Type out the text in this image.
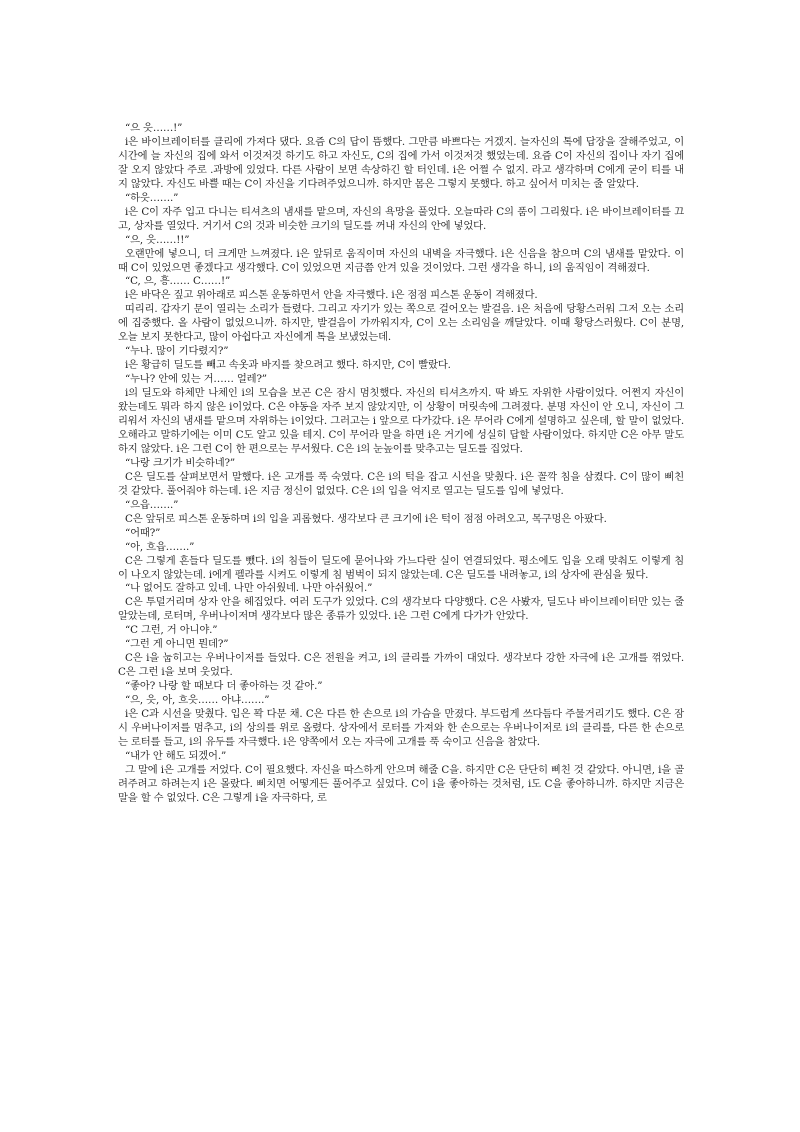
“으 읏……!”

i은 바이브레이터를 클리에 가져다 댔다. 요즘 C의 답이 뜸했다. 그만큼 바쁘다는 거겠지. 늘자신의 톡에 답장을 잘해주었고, 이 시간에 늘 자신의 집에 와서 이것저것 하기도 하고 자신도, C의 집에 가서 이것저것 했었는데. 요즘 C이 자신의 집이나 자기 집에 잘 오지 않았다 주로 .과방에 있었다. 다른 사람이 보면 속상하긴 할 터인데. i은 어쩔 수 없지. 라고 생각하며 C에게 굳이 티를 내지 않았다. 자신도 바쁠 때는 C이 자신을 기다려주었으니까. 하지만 몸은 그렇지 못했다. 하고 싶어서 미치는 줄 알았다.

“하읏…….”

i은 C이 자주 입고 다니는 티셔츠의 냄새를 맡으며, 자신의 욕망을 풀었다. 오늘따라 C의 품이 그리웠다. i은 바이브레이터를 끄고, 상자를 열었다. 거기서 C의 것과 비슷한 크기의 딜도를 꺼내 자신의 안에 넣었다.

“으, 읏……!!”

오랜만에 넣으니, 더 크게만 느껴졌다. i은 앞뒤로 움직이며 자신의 내벽을 자극했다. i은 신음을 참으며 C의 냄새를 맡았다. 이때 C이 있었으면 좋겠다고 생각했다. C이 있었으면 지금쯤 안겨 있을 것이었다. 그런 생각을 하니, i의 움직임이 격해졌다.

“C, 으, 흥…… C……!”

i은 바닥은 짚고 위아래로 피스톤 운동하면서 안을 자극했다. i은 점점 피스톤 운동이 격해졌다.

띠리리. 갑자기 문이 열리는 소리가 들렸다. 그리고 자기가 있는 쪽으로 걸어오는 발걸음. i은 처음에 당황스러워 그저 오는 소리에 집중했다. 올 사람이 없었으니까. 하지만, 발걸음이 가까워지자, C이 오는 소리임을 깨달았다. 이때 황당스러웠다. C이 분명, 오늘 보지 못한다고, 많이 아쉽다고 자신에게 톡을 보냈었는데.

“누나. 많이 기다렸지?”

i은 황급히 딜도를 빼고 속옷과 바지를 찾으려고 했다. 하지만, C이 빨랐다.

“누나? 안에 있는 거…… 얼레?”

i의 딜도와 하체만 나체인 i의 모습을 보곤 C은 잠시 멈칫했다. 자신의 티셔츠까지. 딱 봐도 자위한 사람이었다. 어쩐지 자신이 왔는데도 뭐라 하지 않은 i이었다. C은 야동을 자주 보지 않았지만, 이 상황이 머릿속에 그려졌다. 분명 자신이 안 오니, 자신이 그리워서 자신의 냄새를 맡으며 자위하는 i이었다. 그러고는 i 앞으로 다가갔다. i은 무어라 C에게 설명하고 싶은데, 할 말이 없었다. 오해라고 말하기에는 이미 C도 알고 있을 테지. C이 무어라 말을 하면 i은 거기에 성실히 답할 사람이었다. 하지만 C은 아무 말도 하지 않았다. i은 그런 C이 한 편으로는 무서웠다. C은 i의 눈높이를 맞추고는 딜도를 집었다.

“나랑 크기가 비슷하네?”

C은 딜도를 살펴보면서 말했다. i은 고개를 푹 숙였다. C은 i의 턱을 잡고 시선을 맞췄다. i은 꼴깍 침을 삼켰다. C이 많이 삐친 것 같았다. 풀어줘야 하는데. i은 지금 정신이 없었다. C은 i의 입을 억지로 열고는 딜도를 입에 넣었다.

“으읍…….”

C은 앞뒤로 피스톤 운동하며 i의 입을 괴롭혔다. 생각보다 큰 크기에 i은 턱이 점점 아려오고, 목구멍은 아팠다.

“어때?”

“아, 흐읍…….”

C은 그렇게 흔들다 딜도를 뺐다. i의 침들이 딜도에 묻어나와 가느다란 실이 연결되었다. 평소에도 입을 오래 맞춰도 이렇게 침이 나오지 않았는데. i에게 펠라를 시켜도 이렇게 침 범벅이 되지 않았는데. C은 딜도를 내려놓고, i의 상자에 관심을 뒀다.

“나 없어도 잘하고 있네. 나만 아쉬웠네. 나만 아쉬웠어.”

C은 투덜거리며 상자 안을 헤집었다. 여러 도구가 있었다. C의 생각보다 다양했다. C은 사봤자, 딜도나 바이브레이터만 있는 줄 알았는데, 로터며, 우버나이저며 생각보다 많은 종류가 있었다. i은 그런 C에게 다가가 안았다.

“C 그런, 거 아니야.”

“그런 게 아니면 뭔데?”

C은 i을 눕히고는 우버나이저를 들었다. C은 전원을 켜고, i의 클리를 가까이 대었다. 생각보다 강한 자극에 i은 고개를 꺾었다. C은 그런 i을 보며 웃었다.

“좋아? 나랑 할 때보다 더 좋아하는 것 같아.”

“으, 읏, 아, 흐읏…… 아냐…….”

i은 C과 시선을 맞췄다. 입은 꽉 다문 채. C은 다른 한 손으로 i의 가슴을 만졌다. 부드럽게 쓰다듬다 주물거리기도 했다. C은 잠시 우버나이저를 멈추고, i의 상의를 위로 올렸다. 상자에서 로터를 가져와 한 손으로는 우버나이저로 i의 클리를, 다른 한 손으로는 로터를 들고, i의 유두를 자극했다. i은 양쪽에서 오는 자극에 고개를 푹 숙이고 신음을 참았다.

“내가 안 해도 되겠어.”

그 말에 i은 고개를 저었다. C이 필요했다. 자신을 따스하게 안으며 해줄 C을. 하지만 C은 단단히 삐친 것 같았다. 아니면, i을 골려주려고 하려는지 i은 몰랐다. 삐치면 어떻게든 풀어주고 싶었다. C이 i을 좋아하는 것처럼, i도 C을 좋아하니까. 하지만 지금은 말을 할 수 없었다. C은 그렇게 i을 자극하다, 로
